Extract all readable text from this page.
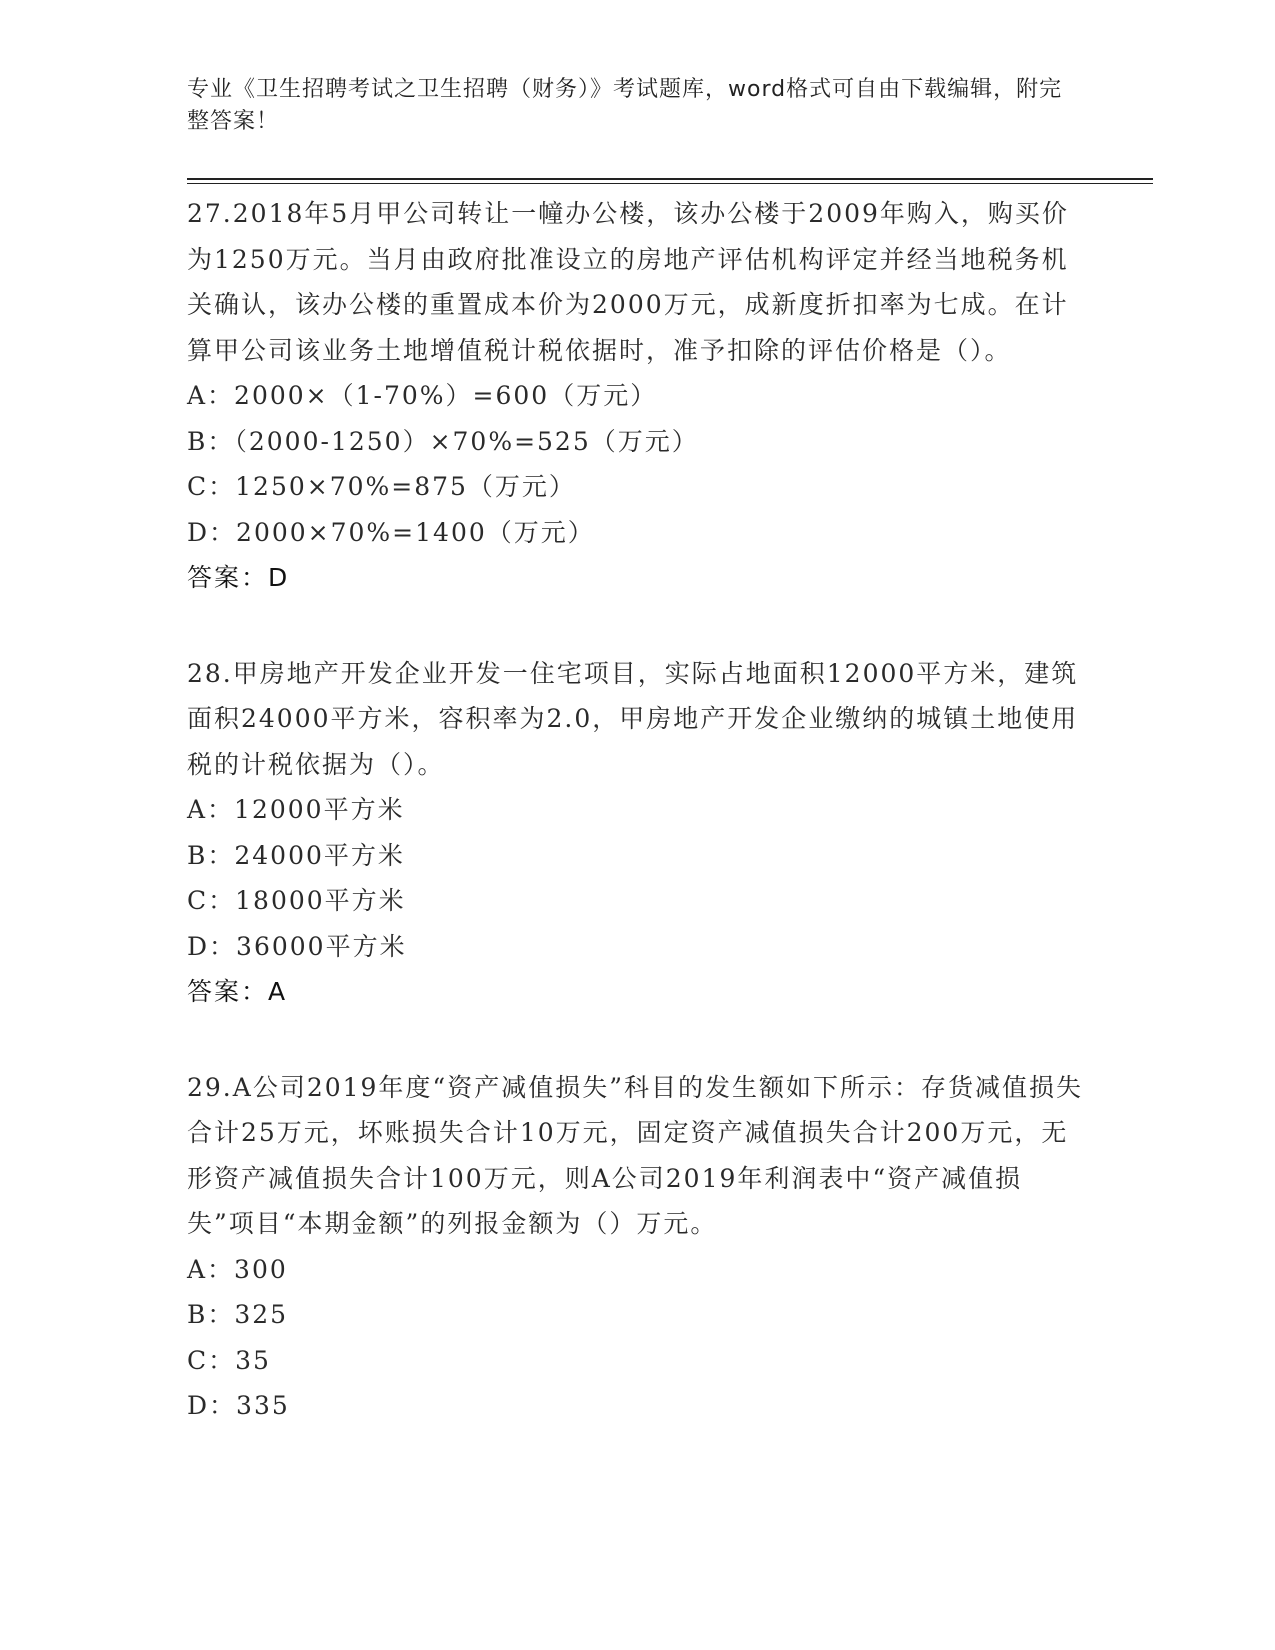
专业《卫生招聘考试之卫生招聘（财务）》考试题库，word格式可自由下载编辑，附完整答案！

27.2018年5月甲公司转让一幢办公楼，该办公楼于2009年购入，购买价为1250万元。当月由政府批准设立的房地产评估机构评定并经当地税务机关确认，该办公楼的重置成本价为2000万元，成新度折扣率为七成。在计算甲公司该业务土地增值税计税依据时，准予扣除的评估价格是（）。

A：2000×（1-70%）=600（万元）

B：（2000-1250）×70%=525（万元）

C：1250×70%=875（万元）

D：2000×70%=1400（万元）

答案：D

28.甲房地产开发企业开发一住宅项目，实际占地面积12000平方米，建筑面积24000平方米，容积率为2.0，甲房地产开发企业缴纳的城镇土地使用税的计税依据为（）。

A：12000平方米

B：24000平方米

C：18000平方米

D：36000平方米

答案：A

29.A公司2019年度“资产减值损失”科目的发生额如下所示：存货减值损失合计25万元，坏账损失合计10万元，固定资产减值损失合计200万元，无形资产减值损失合计100万元，则A公司2019年利润表中“资产减值损失”项目“本期金额”的列报金额为（）万元。

A：300

B：325

C：35

D：335
